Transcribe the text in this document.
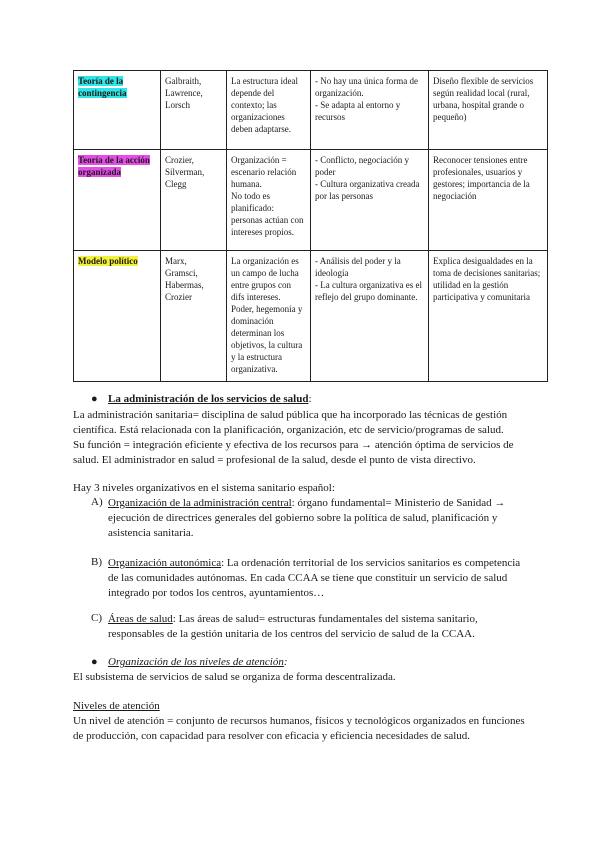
Teoría de la contingencia	Galbraith,
Lawrence,
Lorsch	La estructura ideal depende del contexto; las organizaciones deben adaptarse.	- No hay una única forma de organización.
- Se adapta al entorno y recursos	Diseño flexible de servicios según realidad local (rural, urbana, hospital grande o pequeño)
Teoría de la acción organizada	Crozier,
Silverman,
Clegg	Organización = escenario relación humana.
No todo es planificado: personas actúan con intereses propios.	- Conflicto, negociación y poder
- Cultura organizativa creada por las personas	Reconocer tensiones entre profesionales, usuarios y gestores; importancia de la negociación
Modelo político	Marx,
Gramsci,
Habermas,
Crozier	La organización es un campo de lucha entre grupos con difs intereses.
Poder, hegemonía y dominación determinan los objetivos, la cultura y la estructura organizativa.	- Análisis del poder y la ideología
- La cultura organizativa es el reflejo del grupo dominante.	Explica desigualdades en la toma de decisiones sanitarias; utilidad en la gestión participativa y comunitaria
● La administración de los servicios de salud:
La administración sanitaria= disciplina de salud pública que ha incorporado las técnicas de gestión científica. Está relacionada con la planificación, organización, etc de servicio/programas de salud.
Su función = integración eficiente y efectiva de los recursos para → atención óptima de servicios de salud. El administrador en salud = profesional de la salud, desde el punto de vista directivo.
Hay 3 niveles organizativos en el sistema sanitario español:
A) Organización de la administración central: órgano fundamental= Ministerio de Sanidad → ejecución de directrices generales del gobierno sobre la política de salud, planificación y asistencia sanitaria.
B) Organización autonómica: La ordenación territorial de los servicios sanitarios es competencia de las comunidades autónomas. En cada CCAA se tiene que constituir un servicio de salud integrado por todos los centros, ayuntamientos…
C) Áreas de salud: Las áreas de salud= estructuras fundamentales del sistema sanitario, responsables de la gestión unitaria de los centros del servicio de salud de la CCAA.
● Organización de los niveles de atención:
El subsistema de servicios de salud se organiza de forma descentralizada.
Niveles de atención
Un nivel de atención = conjunto de recursos humanos, físicos y tecnológicos organizados en funciones de producción, con capacidad para resolver con eficacia y eficiencia necesidades de salud.
